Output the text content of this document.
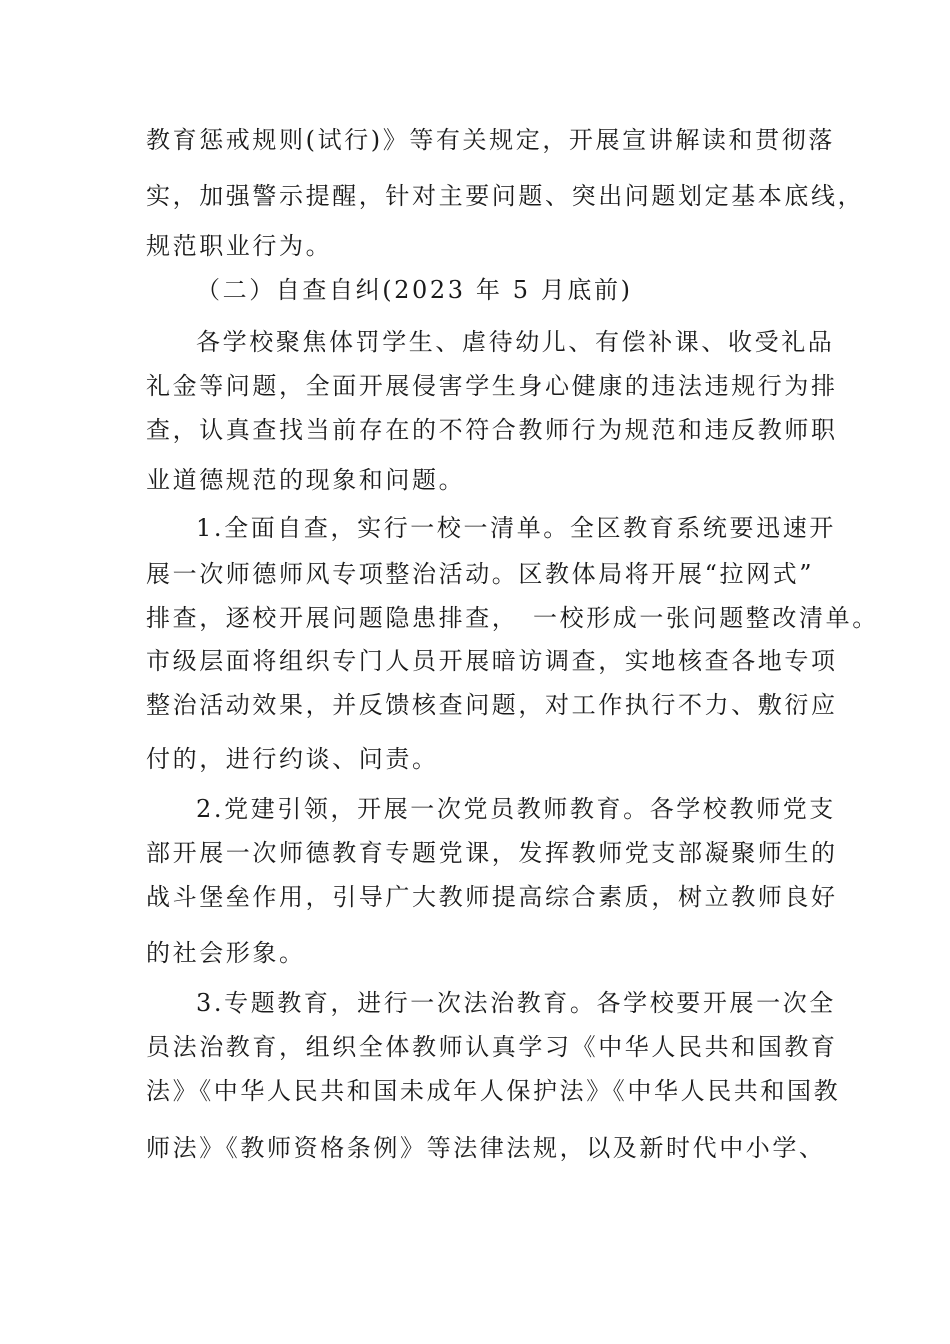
教育惩戒规则(试行)》等有关规定，开展宣讲解读和贯彻落
实，加强警示提醒，针对主要问题、突出问题划定基本底线，
规范职业行为。
（二）自查自纠(2023 年 5 月底前)
各学校聚焦体罚学生、虐待幼儿、有偿补课、收受礼品
礼金等问题，全面开展侵害学生身心健康的违法违规行为排
查，认真查找当前存在的不符合教师行为规范和违反教师职
业道德规范的现象和问题。
1.全面自查，实行一校一清单。全区教育系统要迅速开
展一次师德师风专项整治活动。区教体局将开展“拉网式”
排查，逐校开展问题隐患排查，　一校形成一张问题整改清单。
市级层面将组织专门人员开展暗访调查，实地核查各地专项
整治活动效果，并反馈核查问题，对工作执行不力、敷衍应
付的，进行约谈、问责。
2.党建引领，开展一次党员教师教育。各学校教师党支
部开展一次师德教育专题党课，发挥教师党支部凝聚师生的
战斗堡垒作用，引导广大教师提高综合素质，树立教师良好
的社会形象。
3.专题教育，进行一次法治教育。各学校要开展一次全
员法治教育，组织全体教师认真学习《中华人民共和国教育
法》《中华人民共和国未成年人保护法》《中华人民共和国教
师法》《教师资格条例》等法律法规，以及新时代中小学、
